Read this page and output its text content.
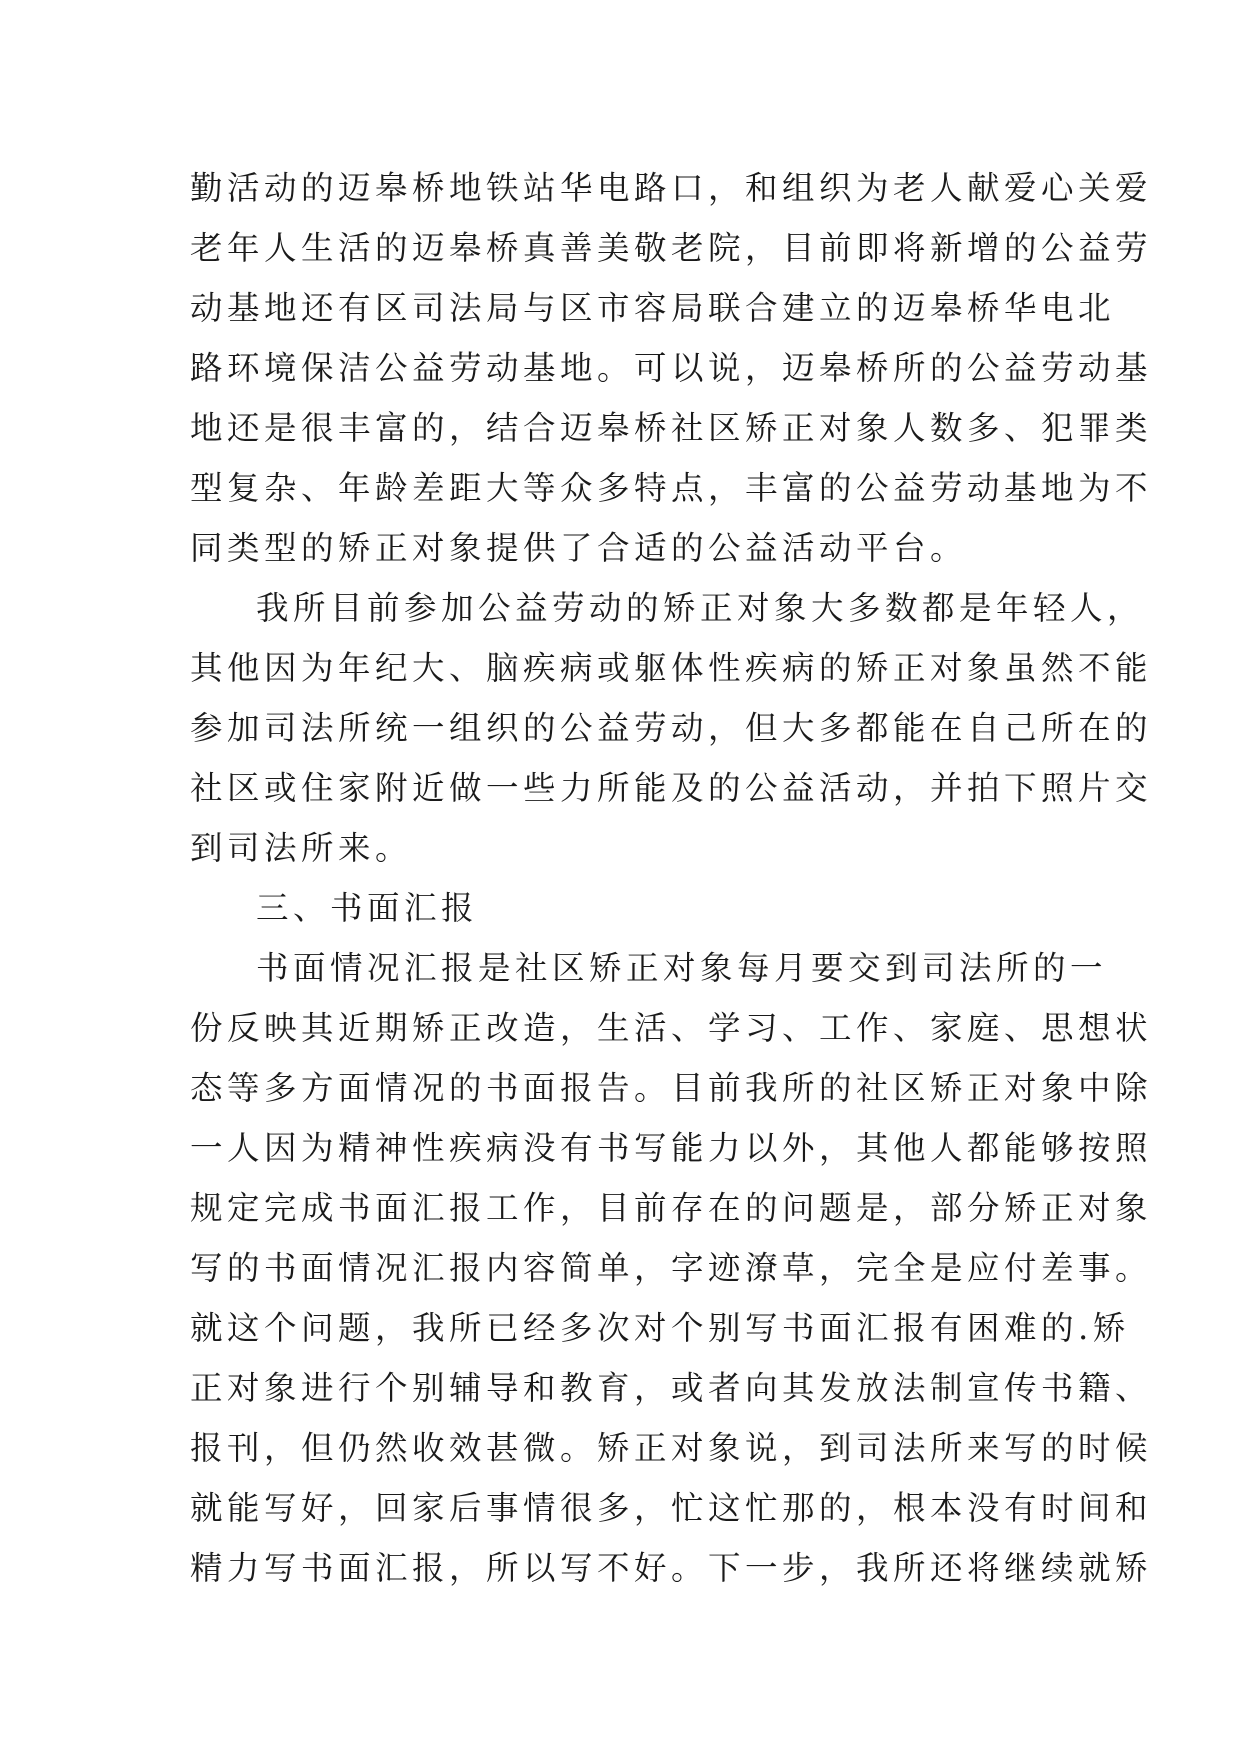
勤活动的迈皋桥地铁站华电路口，和组织为老人献爱心关爱
老年人生活的迈皋桥真善美敬老院，目前即将新增的公益劳
动基地还有区司法局与区市容局联合建立的迈皋桥华电北
路环境保洁公益劳动基地。可以说，迈皋桥所的公益劳动基
地还是很丰富的，结合迈皋桥社区矫正对象人数多、犯罪类
型复杂、年龄差距大等众多特点，丰富的公益劳动基地为不
同类型的矫正对象提供了合适的公益活动平台。
我所目前参加公益劳动的矫正对象大多数都是年轻人，
其他因为年纪大、脑疾病或躯体性疾病的矫正对象虽然不能
参加司法所统一组织的公益劳动，但大多都能在自己所在的
社区或住家附近做一些力所能及的公益活动，并拍下照片交
到司法所来。
三、书面汇报
书面情况汇报是社区矫正对象每月要交到司法所的一
份反映其近期矫正改造，生活、学习、工作、家庭、思想状
态等多方面情况的书面报告。目前我所的社区矫正对象中除
一人因为精神性疾病没有书写能力以外，其他人都能够按照
规定完成书面汇报工作，目前存在的问题是，部分矫正对象
写的书面情况汇报内容简单，字迹潦草，完全是应付差事。
就这个问题，我所已经多次对个别写书面汇报有困难的.矫
正对象进行个别辅导和教育，或者向其发放法制宣传书籍、
报刊，但仍然收效甚微。矫正对象说，到司法所来写的时候
就能写好，回家后事情很多，忙这忙那的，根本没有时间和
精力写书面汇报，所以写不好。下一步，我所还将继续就矫
